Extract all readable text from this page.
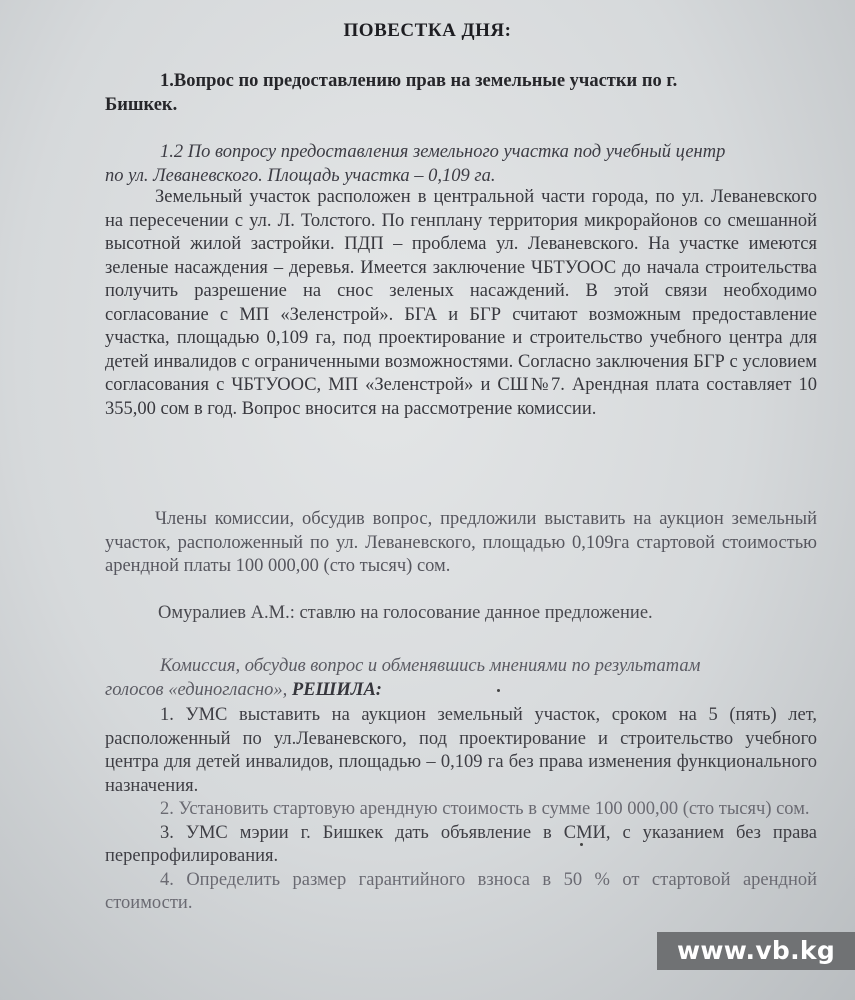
ПОВЕСТКА ДНЯ:
1.Вопрос по предоставлению прав на земельные участки по г.
Бишкек.
1.2 По вопросу предоставления земельного участка под учебный центр
по ул. Леваневского. Площадь участка – 0,109 га.
Земельный участок расположен в центральной части города, по ул. Леваневского на пересечении с ул. Л. Толстого. По генплану территория микрорайонов со смешанной высотной жилой застройки. ПДП – проблема ул. Леваневского. На участке имеются зеленые насаждения – деревья. Имеется заключение ЧБТУООС до начала строительства получить разрешение на снос зеленых насаждений. В этой связи необходимо согласование с МП «Зеленстрой». БГА и БГР считают возможным предоставление участка, площадью 0,109 га, под проектирование и строительство учебного центра для детей инвалидов с ограниченными возможностями. Согласно заключения БГР с условием согласования с ЧБТУООС, МП «Зеленстрой» и СШ№7. Арендная плата составляет 10 355,00 сом в год. Вопрос вносится на рассмотрение комиссии.
Члены комиссии, обсудив вопрос, предложили выставить на аукцион земельный участок, расположенный по ул. Леваневского, площадью 0,109га стартовой стоимостью арендной платы 100 000,00 (сто тысяч) сом.
Омуралиев А.М.: ставлю на голосование данное предложение.
Комиссия, обсудив вопрос и обменявшись мнениями по результатам
голосов «единогласно», РЕШИЛА:
1. УМС выставить на аукцион земельный участок, сроком на 5 (пять) лет, расположенный по ул.Леваневского, под проектирование и строительство учебного центра для детей инвалидов, площадью – 0,109 га без права изменения функционального назначения.
2. Установить стартовую арендную стоимость в сумме 100 000,00 (сто тысяч) сом.
3. УМС мэрии г. Бишкек дать объявление в СМИ, с указанием без права перепрофилирования.
4. Определить размер гарантийного взноса в 50 % от стартовой арендной стоимости.
www.vb.kg
